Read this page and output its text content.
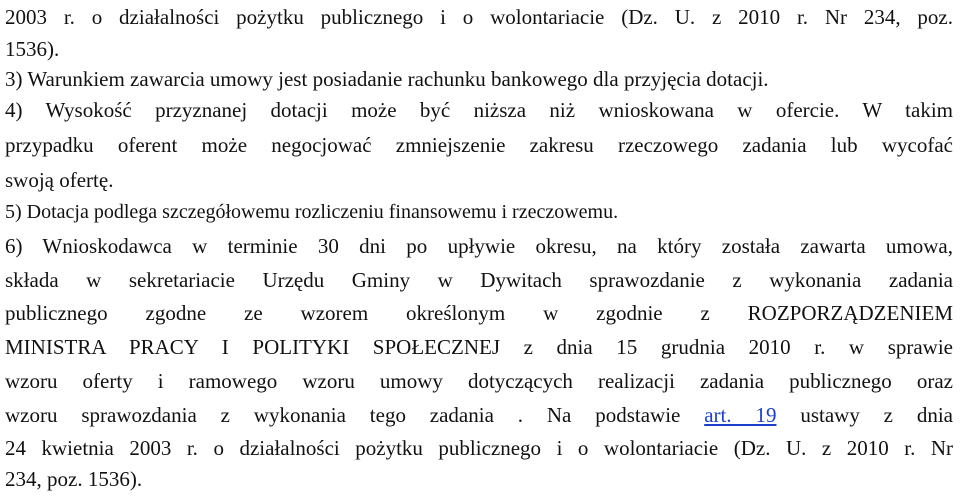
2003 r. o działalności pożytku publicznego i o wolontariacie (Dz. U. z 2010 r. Nr 234, poz.
1536).
3) Warunkiem zawarcia umowy jest posiadanie rachunku bankowego dla przyjęcia dotacji.
4) Wysokość przyznanej dotacji może być niższa niż wnioskowana w ofercie. W takim
przypadku oferent może negocjować zmniejszenie zakresu rzeczowego zadania lub wycofać
swoją ofertę.
5) Dotacja podlega szczegółowemu rozliczeniu finansowemu i rzeczowemu.
6) Wnioskodawca w terminie 30 dni po upływie okresu, na który została zawarta umowa,
składa w sekretariacie Urzędu Gminy w Dywitach sprawozdanie z wykonania zadania
publicznego zgodne ze wzorem określonym w zgodnie z ROZPORZĄDZENIEM
MINISTRA PRACY I POLITYKI SPOŁECZNEJ z dnia 15 grudnia 2010 r. w sprawie
wzoru oferty i ramowego wzoru umowy dotyczących realizacji zadania publicznego oraz
wzoru sprawozdania z wykonania tego zadania . Na podstawie art. 19 ustawy z dnia
24 kwietnia 2003 r. o działalności pożytku publicznego i o wolontariacie (Dz. U. z 2010 r. Nr
234, poz. 1536).
